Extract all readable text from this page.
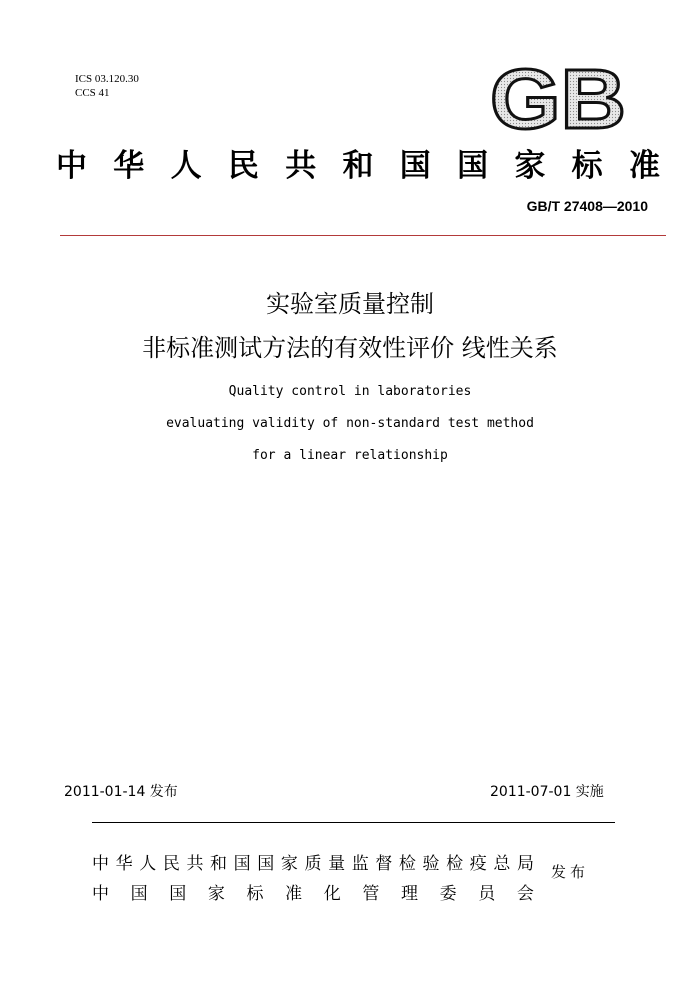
ICS 03.120.30
CCS 41	GB
中 华 人 民 共 和 国 国 家 标 准
GB/T 27408—2010
实验室质量控制
非标准测试方法的有效性评价 线性关系
Quality control in laboratories
evaluating validity of non-standard test method
for a linear relationship
2011-01-14 发布	2011-07-01 实施
中 华 人 民 共 和 国 国 家 质 量 监 督 检 验 检 疫 总 局
中 国 国 家 标 准 化 管 理 委 员 会
发布
